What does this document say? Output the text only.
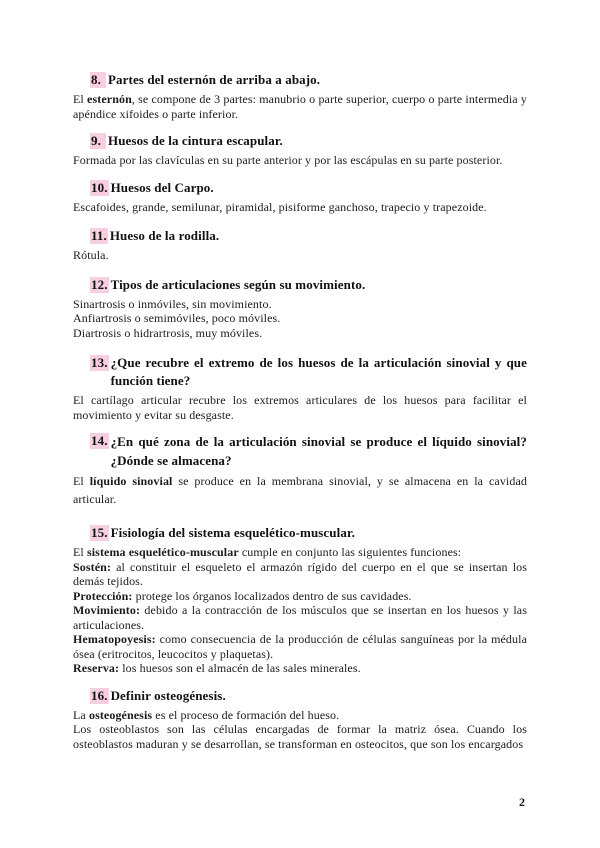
8. Partes del esternón de arriba a abajo.

El esternón, se compone de 3 partes: manubrio o parte superior, cuerpo o parte intermedia y apéndice xifoides o parte inferior.

9. Huesos de la cintura escapular.

Formada por las clavículas en su parte anterior y por las escápulas en su parte posterior.

10. Huesos del Carpo.

Escafoides, grande, semilunar, piramidal, pisiforme ganchoso, trapecio y trapezoide.

11. Hueso de la rodilla.

Rótula.

12. Tipos de articulaciones según su movimiento.

Sinartrosis o inmóviles, sin movimiento.

Anfiartrosis o semimóviles, poco móviles.

Diartrosis o hidrartrosis, muy móviles.

13. ¿Que recubre el extremo de los huesos de la articulación sinovial y que función tiene?

El cartílago articular recubre los extremos articulares de los huesos para facilitar el movimiento y evitar su desgaste.

14. ¿En qué zona de la articulación sinovial se produce el líquido sinovial? ¿Dónde se almacena?

El líquido sinovial se produce en la membrana sinovial, y se almacena en la cavidad articular.

15. Fisiología del sistema esquelético-muscular.

El sistema esquelético-muscular cumple en conjunto las siguientes funciones:

Sostén: al constituir el esqueleto el armazón rígido del cuerpo en el que se insertan los demás tejidos.

Protección: protege los órganos localizados dentro de sus cavidades.

Movimiento: debido a la contracción de los músculos que se insertan en los huesos y las articulaciones.

Hematopoyesis: como consecuencia de la producción de células sanguíneas por la médula ósea (eritrocitos, leucocitos y plaquetas).

Reserva: los huesos son el almacén de las sales minerales.

16. Definir osteogénesis.

La osteogénesis es el proceso de formación del hueso.

Los osteoblastos son las células encargadas de formar la matriz ósea. Cuando los osteoblastos maduran y se desarrollan, se transforman en osteocitos, que son los encargados

2
